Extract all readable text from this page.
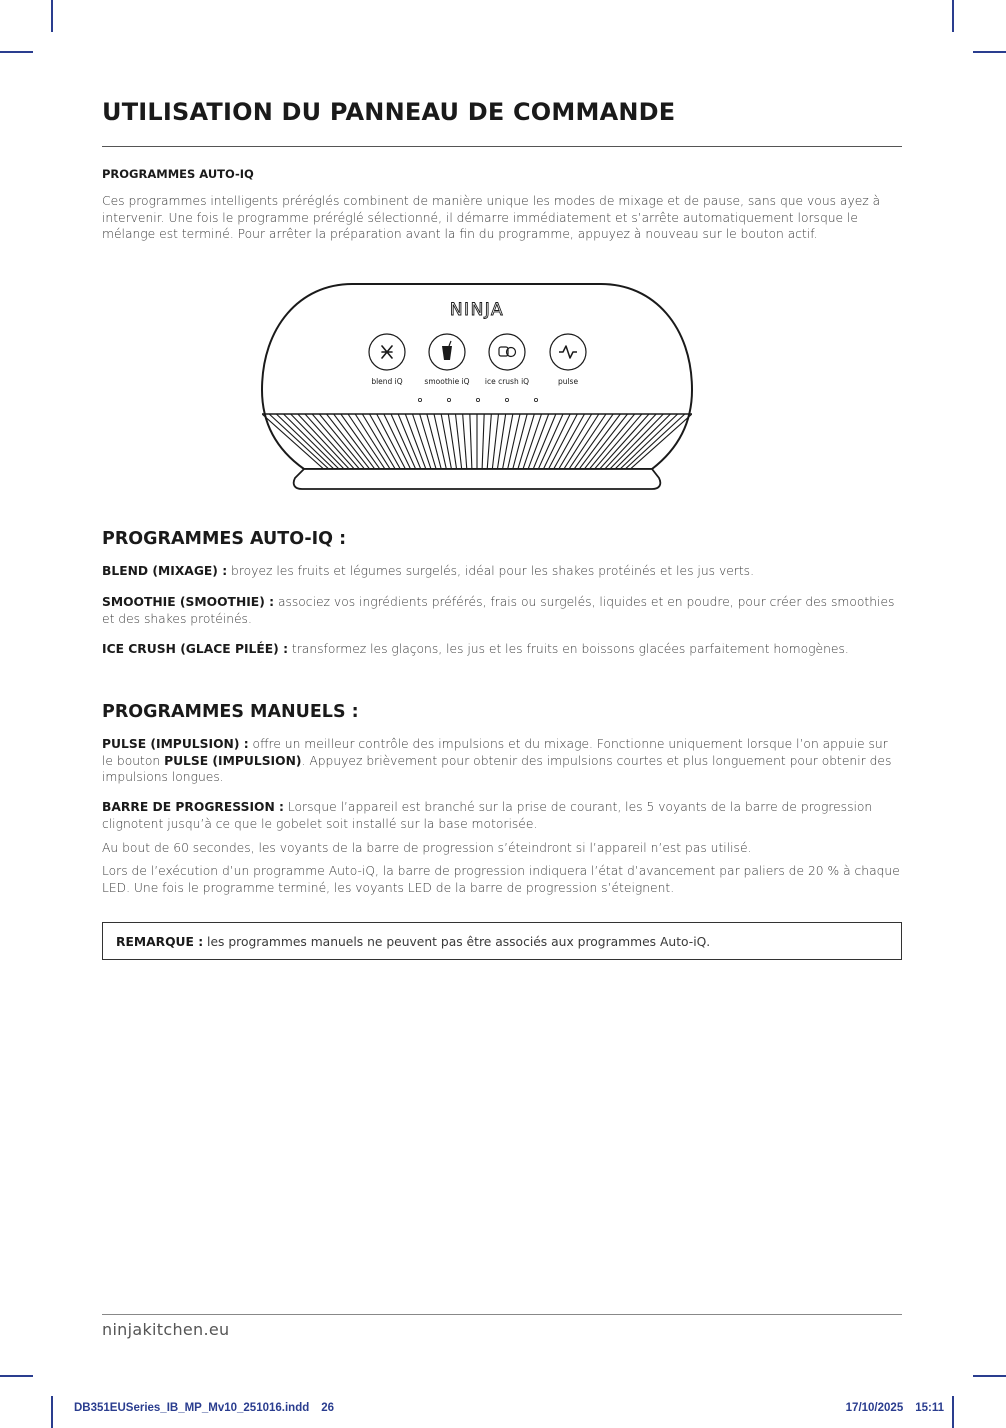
UTILISATION DU PANNEAU DE COMMANDE

PROGRAMMES AUTO-IQ

Ces programmes intelligents préréglés combinent de manière unique les modes de mixage et de pause, sans que vous ayez à intervenir. Une fois le programme préréglé sélectionné, il démarre immédiatement et s’arrête automatiquement lorsque le mélange est terminé. Pour arrêter la préparation avant la fin du programme, appuyez à nouveau sur le bouton actif.

NINJA
blend iQ	smoothie iQ ice crush iQ	pulse
PROGRAMMES AUTO-IQ :

BLEND (MIXAGE) : broyez les fruits et légumes surgelés, idéal pour les shakes protéinés et les jus verts.

SMOOTHIE (SMOOTHIE) : associez vos ingrédients préférés, frais ou surgelés, liquides et en poudre, pour créer des smoothies et des shakes protéinés.

ICE CRUSH (GLACE PILÉE) : transformez les glaçons, les jus et les fruits en boissons glacées parfaitement homogènes.

PROGRAMMES MANUELS :

PULSE (IMPULSION) : offre un meilleur contrôle des impulsions et du mixage. Fonctionne uniquement lorsque l’on appuie sur le bouton PULSE (IMPULSION). Appuyez brièvement pour obtenir des impulsions courtes et plus longuement pour obtenir des impulsions longues.

BARRE DE PROGRESSION : Lorsque l’appareil est branché sur la prise de courant, les 5 voyants de la barre de progression clignotent jusqu’à ce que le gobelet soit installé sur la base motorisée.

Au bout de 60 secondes, les voyants de la barre de progression s’éteindront si l’appareil n’est pas utilisé.

Lors de l’exécution d’un programme Auto-iQ, la barre de progression indiquera l’état d’avancement par paliers de 20 % à chaque LED. Une fois le programme terminé, les voyants LED de la barre de progression s’éteignent.

REMARQUE : les programmes manuels ne peuvent pas être associés aux programmes Auto-iQ.

ninjakitchen.eu

DB351EUSeries_IB_MP_Mv10_251016.indd 26	17/10/2025 15:11
